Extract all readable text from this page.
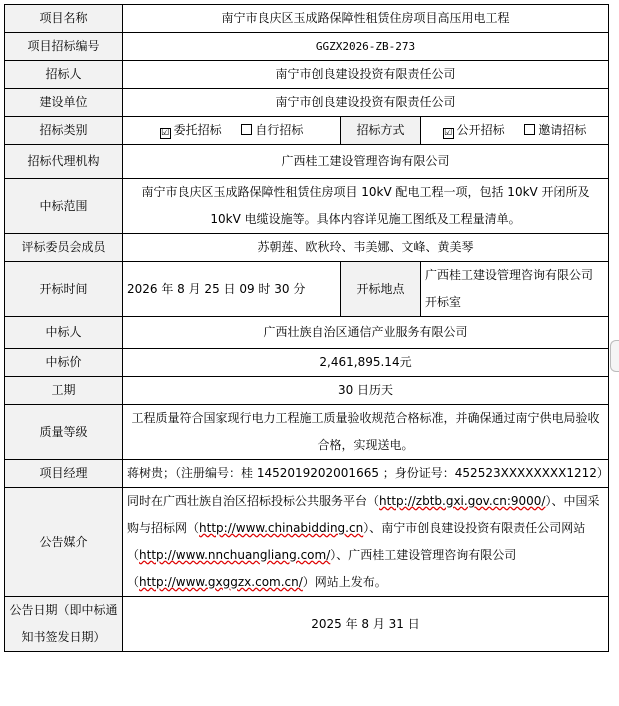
项目名称	南宁市良庆区玉成路保障性租赁住房项目高压用电工程		
项目招标编号	GGZX2026-ZB-273		
招标人	南宁市创良建设投资有限责任公司		
建设单位	南宁市创良建设投资有限责任公司		
招标类别	☑ 委托招标 自行招标	招标方式	☑ 公开招标 邀请招标
招标代理机构	广西桂工建设管理咨询有限公司		
中标范围	南宁市良庆区玉成路保障性租赁住房项目 10kV 配电工程一项，包括 10kV 开闭所及 10kV 电缆设施等。具体内容详见施工图纸及工程量清单。		
评标委员会成员	苏朝莲、欧秋玲、韦美娜、文峰、黄美琴		
开标时间	2026 年 8 月 25 日 09 时 30 分	开标地点	广西桂工建设管理咨询有限公司开标室
中标人	广西壮族自治区通信产业服务有限公司		
中标价	2,461,895.14元		
工期	30 日历天		
质量等级	工程质量符合国家现行电力工程施工质量验收规范合格标准，并确保通过南宁供电局验收合格，实现送电。		
项目经理	蒋树贵；（注册编号：桂 1452019202001665 ；身份证号：452523XXXXXXXX1212）		
公告媒介	同时在广西壮族自治区招标投标公共服务平台（http://zbtb.gxi.gov.cn:9000/）、中国采购与招标网（http://www.chinabidding.cn）、南宁市创良建设投资有限责任公司网站（http://www.nnchuangliang.com/）、广西桂工建设管理咨询有限公司（http://www.gxggzx.com.cn/）网站上发布。		
公告日期（即中标通知书签发日期）	2025 年 8 月 31 日		
